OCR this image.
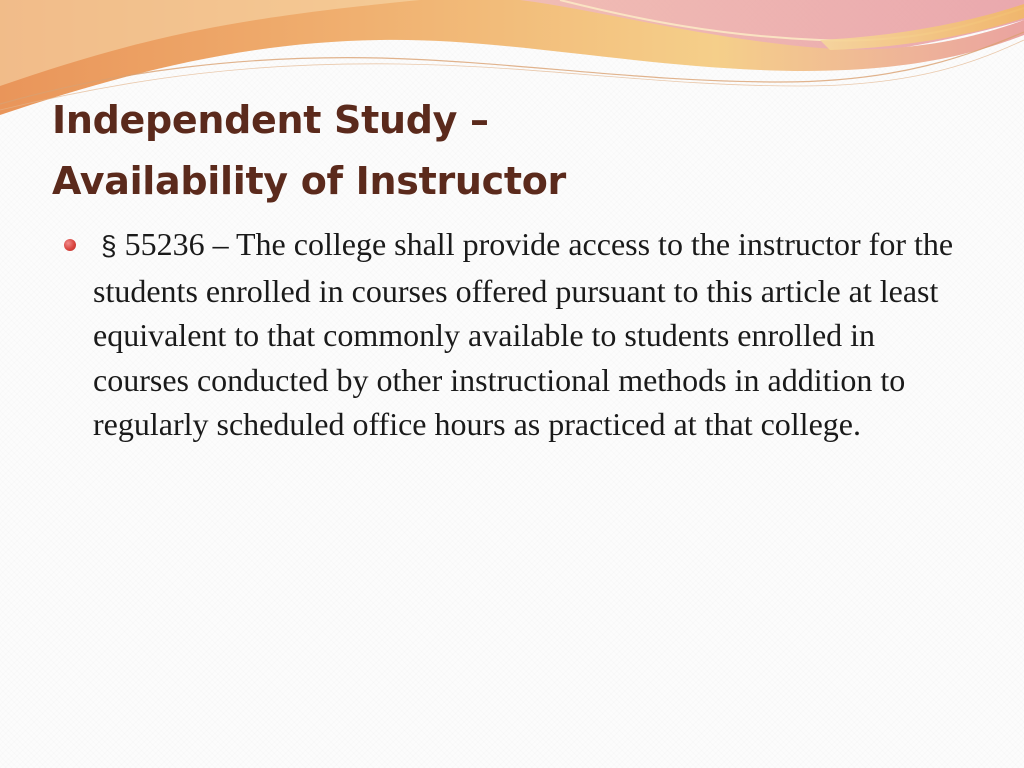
Independent Study –
Availability of Instructor

§ 55236 – The college shall provide access to the instructor for the students enrolled in courses offered pursuant to this article at least equivalent to that commonly available to students enrolled in courses conducted by other instructional methods in addition to regularly scheduled office hours as practiced at that college.
